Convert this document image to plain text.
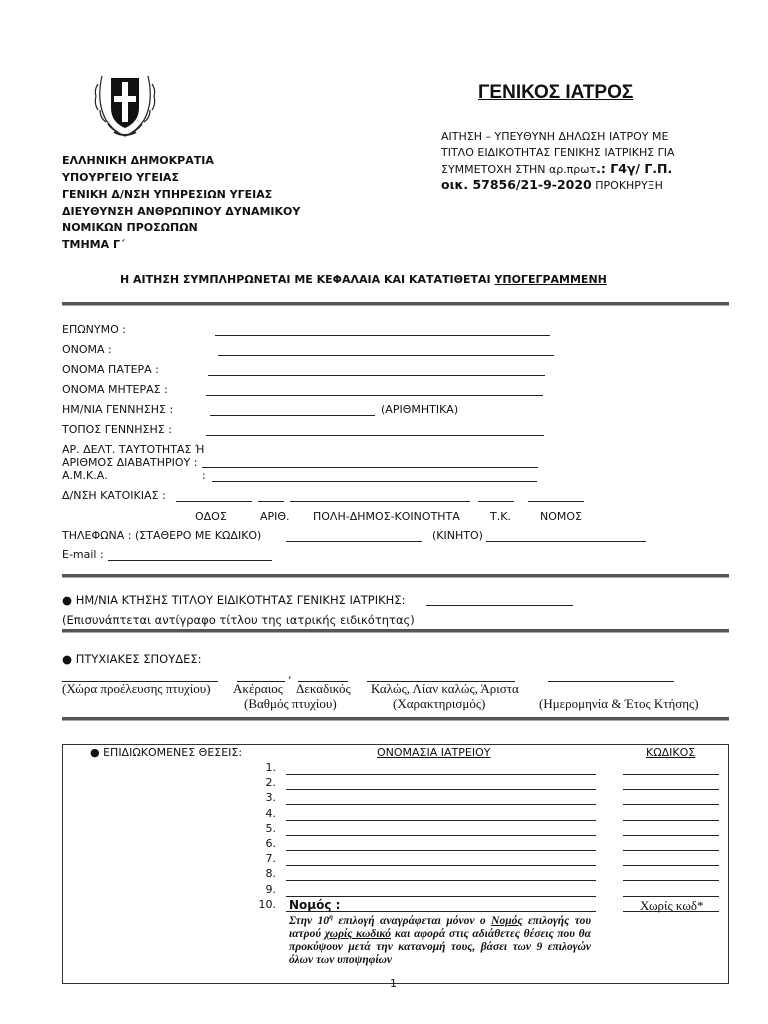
ΓΕΝΙΚΟΣ ΙΑΤΡΟΣ
ΕΛΛΗΝΙΚΗ ΔΗΜΟΚΡΑΤΙΑ
ΥΠΟΥΡΓΕΙΟ ΥΓΕΙΑΣ
ΓΕΝΙΚΗ Δ/ΝΣΗ ΥΠΗΡΕΣΙΩΝ ΥΓΕΙΑΣ
ΔΙΕΥΘΥΝΣΗ ΑΝΘΡΩΠΙΝΟΥ ΔΥΝΑΜΙΚΟΥ
ΝΟΜΙΚΩΝ ΠΡΟΣΩΠΩΝ
ΤΜΗΜΑ Γ΄
ΑΙΤΗΣΗ – ΥΠΕΥΘΥΝΗ ΔΗΛΩΣΗ ΙΑΤΡΟΥ ΜΕ
ΤΙΤΛΟ ΕΙΔΙΚΟΤΗΤΑΣ ΓΕΝΙΚΗΣ ΙΑΤΡΙΚΗΣ ΓΙΑ
ΣΥΜΜΕΤΟΧΗ ΣΤΗΝ αρ.πρωτ.: Γ4γ/ Γ.Π.
οικ. 57856/21-9-2020 ΠΡΟΚΗΡΥΞΗ
Η ΑΙΤΗΣΗ ΣΥΜΠΛΗΡΩΝΕΤΑΙ ΜΕ ΚΕΦΑΛΑΙΑ ΚΑΙ ΚΑΤΑΤΙΘΕΤΑΙ ΥΠΟΓΕΓΡΑΜΜΕΝΗ
ΕΠΩΝΥΜΟ :
ΟΝΟΜΑ :
ΟΝΟΜΑ ΠΑΤΕΡΑ :
ΟΝΟΜΑ ΜΗΤΕΡΑΣ :
ΗΜ/ΝΙΑ ΓΕΝΝΗΣΗΣ :	(ΑΡΙΘΜΗΤΙΚΑ)
ΤΟΠΟΣ ΓΕΝΝΗΣΗΣ :
ΑΡ. ΔΕΛΤ. ΤΑΥΤΟΤΗΤΑΣ Ή
ΑΡΙΘΜΟΣ ΔΙΑΒΑΤΗΡΙΟΥ :
Α.Μ.Κ.Α.	:
Δ/ΝΣΗ ΚΑΤΟΙΚΙΑΣ :
ΟΔΟΣ	ΑΡΙΘ. ΠΟΛΗ-ΔΗΜΟΣ-ΚΟΙΝΟΤΗΤΑ	Τ.Κ.	ΝΟΜΟΣ
ΤΗΛΕΦΩΝΑ : (ΣΤΑΘΕΡΟ ΜΕ ΚΩΔΙΚΟ)	(ΚΙΝΗΤΟ)
E-mail :
● ΗΜ/ΝΙΑ ΚΤΗΣΗΣ ΤΙΤΛΟΥ ΕΙΔΙΚΟΤΗΤΑΣ ΓΕΝΙΚΗΣ ΙΑΤΡΙΚΗΣ:
(Επισυνάπτεται αντίγραφο τίτλου της ιατρικής ειδικότητας)
● ΠΤΥΧΙΑΚΕΣ ΣΠΟΥΔΕΣ:
,
(Χώρα προέλευσης πτυχίου) Ακέραιος Δεκαδικός Καλώς, Λίαν καλώς, Άριστα
(Βαθμός πτυχίου)	(Χαρακτηρισμός)	(Ημερομηνία & Έτος Κτήσης)
● ΕΠΙΔΙΩΚΟΜΕΝΕΣ ΘΕΣΕΙΣ:	ΟΝΟΜΑΣΙΑ ΙΑΤΡΕΙΟΥ	ΚΩΔΙΚΟΣ
1.
2.
3.
4.
5.
6.
7.
8.
9.
10. Νομός :	Χωρίς κωδ*
Στην $10^\eta$ επιλογή αναγράφεται μόνον ο Νομός επιλογής του ιατρού χωρίς κωδικό και αφορά στις αδιάθετες θέσεις που θα προκύψουν μετά την κατανομή τους, βάσει των 9 επιλογών όλων των υποψηφίων
1
